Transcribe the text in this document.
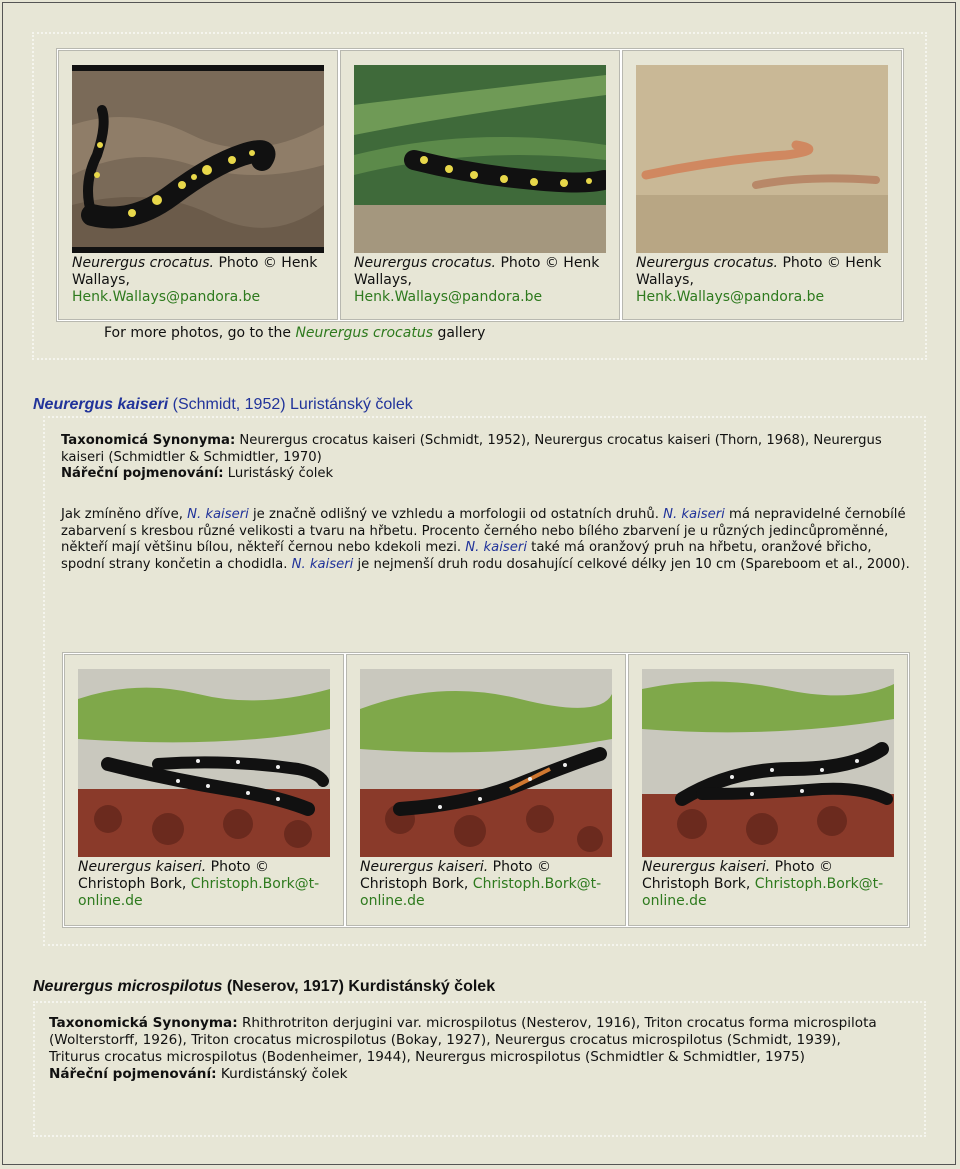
Neurergus crocatus. Photo © Henk Wallays,
Henk.Wallays@pandora.be
Neurergus crocatus. Photo © Henk Wallays,
Henk.Wallays@pandora.be
Neurergus crocatus. Photo © Henk Wallays,
Henk.Wallays@pandora.be
For more photos, go to the Neurergus crocatus gallery
Neurergus kaiseri (Schmidt, 1952) Luristánský čolek
Taxonomicá Synonyma: Neurergus crocatus kaiseri (Schmidt, 1952), Neurergus crocatus kaiseri (Thorn, 1968), Neurergus kaiseri (Schmidtler & Schmidtler, 1970)
Nářeční pojmenování: Luristáský čolek
Jak zmíněno dříve, N. kaiseri je značně odlišný ve vzhledu a morfologii od ostatních druhů. N. kaiseri má nepravidelné černobílé zabarvení s kresbou různé velikosti a tvaru na hřbetu. Procento černého nebo bílého zbarvení je u různých jedincůproměnné, někteří mají většinu bílou, někteří černou nebo kdekoli mezi. N. kaiseri také má oranžový pruh na hřbetu, oranžové břicho, spodní strany končetin a chodidla. N. kaiseri je nejmenší druh rodu dosahující celkové délky jen 10 cm (Spareboom et al., 2000).
Neurergus kaiseri. Photo © Christoph Bork, Christoph.Bork@t-online.de
Neurergus kaiseri. Photo © Christoph Bork, Christoph.Bork@t-online.de
Neurergus kaiseri. Photo © Christoph Bork, Christoph.Bork@t-online.de
Neurergus microspilotus (Neserov, 1917) Kurdistánský čolek
Taxonomická Synonyma: Rhithrotriton derjugini var. microspilotus (Nesterov, 1916), Triton crocatus forma microspilota (Wolterstorff, 1926), Triton crocatus microspilotus (Bokay, 1927), Neurergus crocatus microspilotus (Schmidt, 1939), Triturus crocatus microspilotus (Bodenheimer, 1944), Neurergus microspilotus (Schmidtler & Schmidtler, 1975)
Nářeční pojmenování: Kurdistánský čolek
